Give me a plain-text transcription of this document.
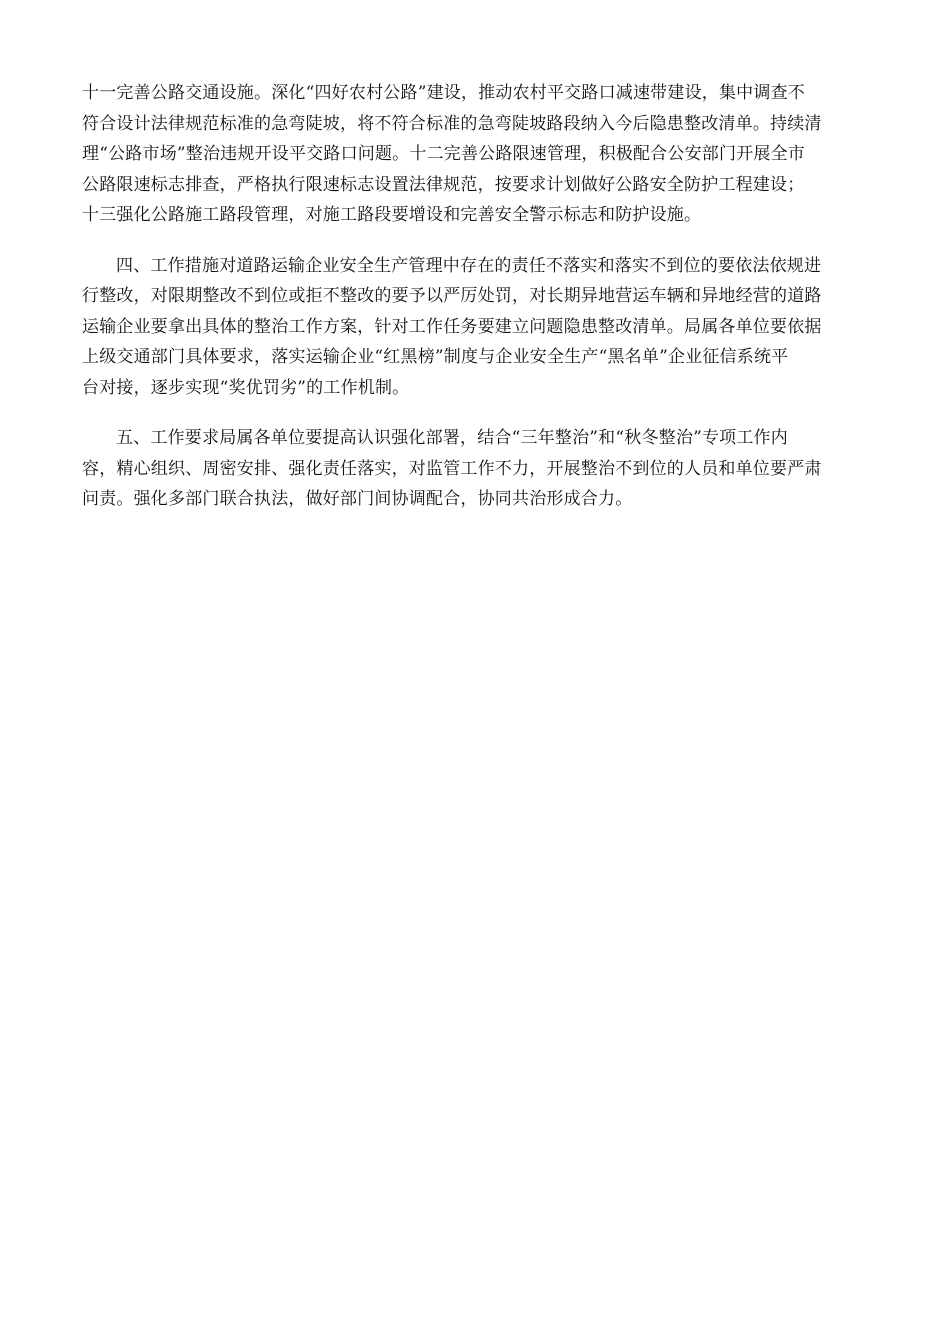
十一完善公路交通设施。深化“四好农村公路”建设，推动农村平交路口减速带建设，集中调查不
符合设计法律规范标准的急弯陡坡，将不符合标准的急弯陡坡路段纳入今后隐患整改清单。持续清
理“公路市场”整治违规开设平交路口问题。十二完善公路限速管理，积极配合公安部门开展全市
公路限速标志排查，严格执行限速标志设置法律规范，按要求计划做好公路安全防护工程建设；
十三强化公路施工路段管理，对施工路段要增设和完善安全警示标志和防护设施。

四、工作措施对道路运输企业安全生产管理中存在的责任不落实和落实不到位的要依法依规进
行整改，对限期整改不到位或拒不整改的要予以严厉处罚，对长期异地营运车辆和异地经营的道路
运输企业要拿出具体的整治工作方案，针对工作任务要建立问题隐患整改清单。局属各单位要依据
上级交通部门具体要求，落实运输企业“红黑榜”制度与企业安全生产“黑名单”企业征信系统平
台对接，逐步实现“奖优罚劣”的工作机制。

五、工作要求局属各单位要提高认识强化部署，结合“三年整治”和“秋冬整治”专项工作内
容，精心组织、周密安排、强化责任落实，对监管工作不力，开展整治不到位的人员和单位要严肃
问责。强化多部门联合执法，做好部门间协调配合，协同共治形成合力。
